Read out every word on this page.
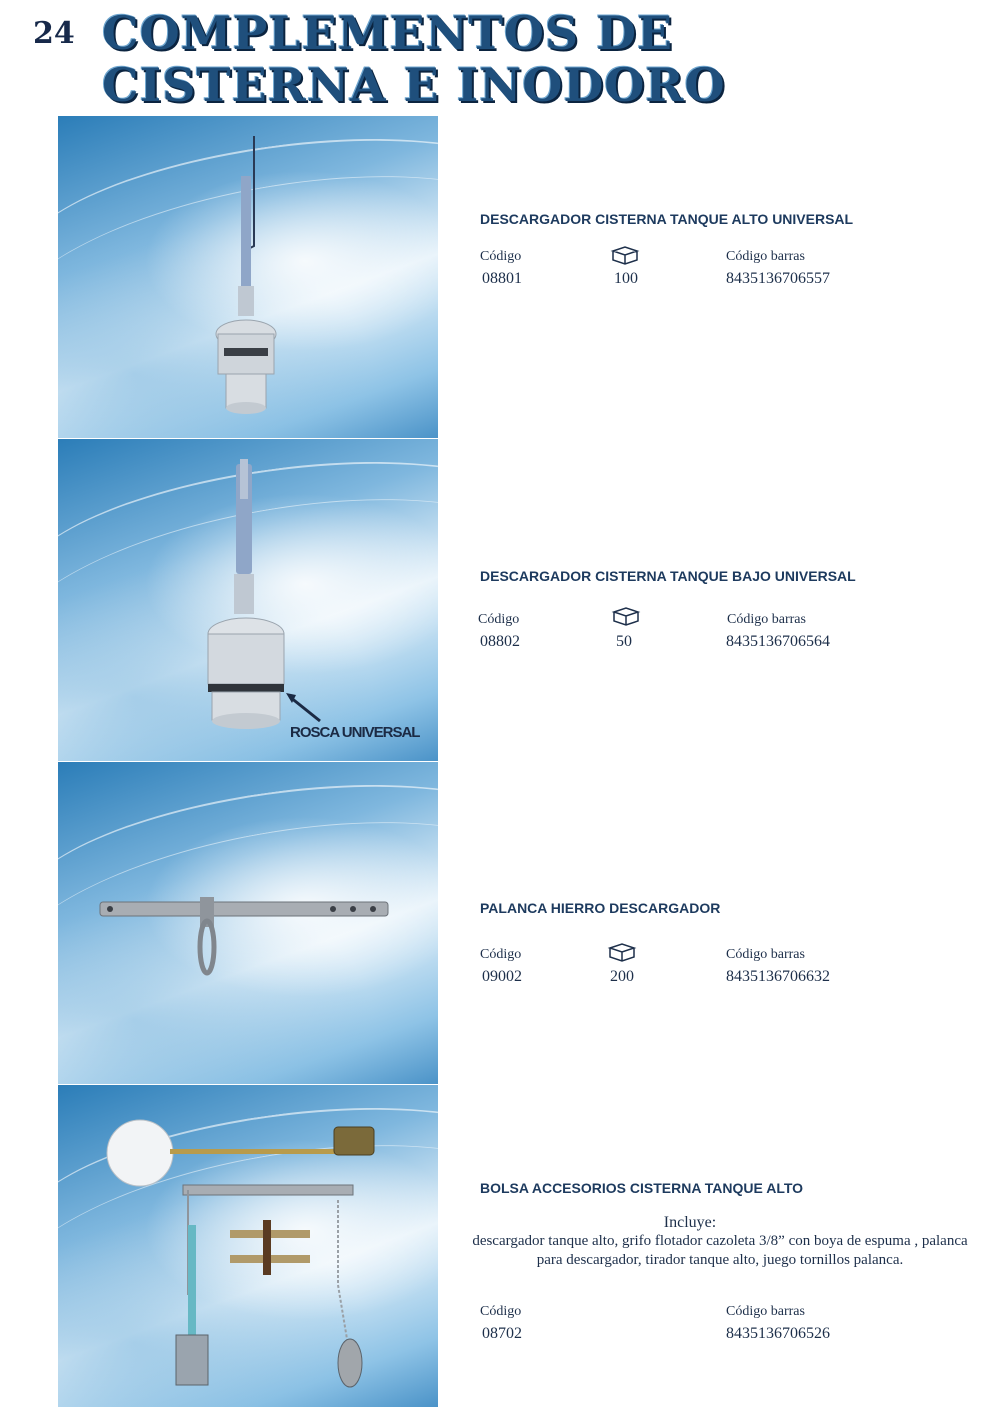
24 COMPLEMENTOS DE
CISTERNA E INODORO
DESCARGADOR CISTERNA TANQUE ALTO UNIVERSAL
Código	Código barras
08801	100	8435136706557
ROSCA UNIVERSAL
DESCARGADOR CISTERNA TANQUE BAJO UNIVERSAL
Código	Código barras
08802	50	8435136706564
PALANCA HIERRO DESCARGADOR
Código	Código barras
09002	200	8435136706632
BOLSA ACCESORIOS CISTERNA TANQUE ALTO
Incluye:
descargador tanque alto, grifo flotador cazoleta 3/8” con boya de espuma , palanca para descargador, tirador tanque alto, juego tornillos palanca.
Código	Código barras
08702	8435136706526
